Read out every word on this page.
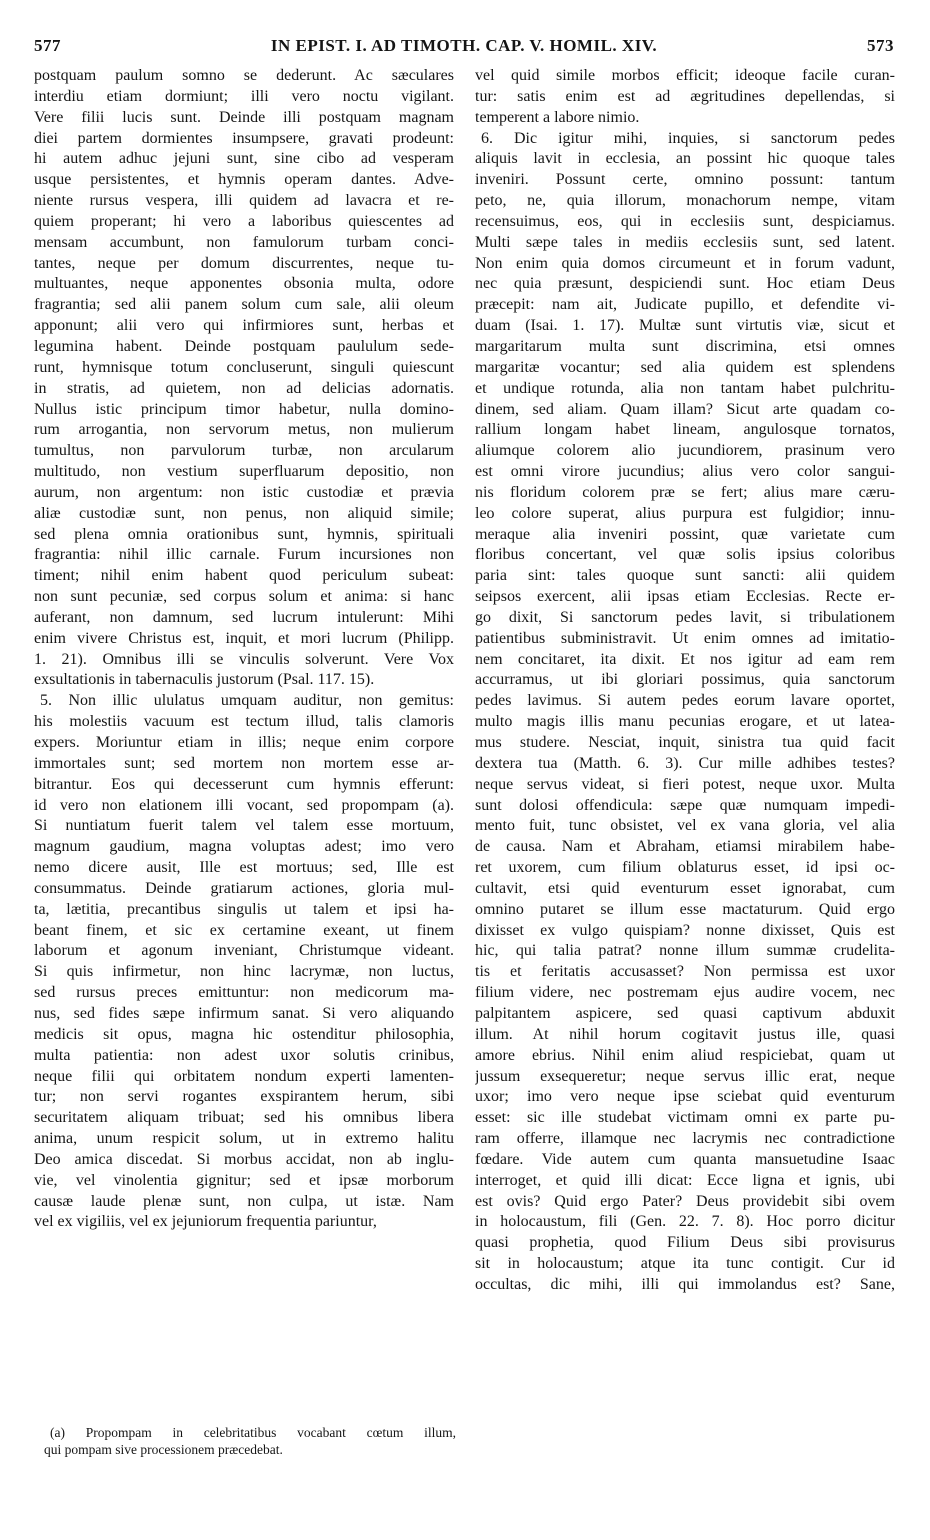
577	IN EPIST. I. AD TIMOTH. CAP. V. HOMIL. XIV.	573
postquam paulum somno se dederunt. Ac sæculares
interdiu etiam dormiunt; illi vero noctu vigilant.
Vere filii lucis sunt. Deinde illi postquam magnam
diei partem dormientes insumpsere, gravati prodeunt:
hi autem adhuc jejuni sunt, sine cibo ad vesperam
usque persistentes, et hymnis operam dantes. Adve-
niente rursus vespera, illi quidem ad lavacra et re-
quiem properant; hi vero a laboribus quiescentes ad
mensam accumbunt, non famulorum turbam conci-
tantes, neque per domum discurrentes, neque tu-
multuantes, neque apponentes obsonia multa, odore
fragrantia; sed alii panem solum cum sale, alii oleum
apponunt; alii vero qui infirmiores sunt, herbas et
legumina habent. Deinde postquam paululum sede-
runt, hymnisque totum concluserunt, singuli quiescunt
in stratis, ad quietem, non ad delicias adornatis.
Nullus istic principum timor habetur, nulla domino-
rum arrogantia, non servorum metus, non mulierum
tumultus, non parvulorum turbæ, non arcularum
multitudo, non vestium superfluarum depositio, non
aurum, non argentum: non istic custodiæ et prævia
aliæ custodiæ sunt, non penus, non aliquid simile;
sed plena omnia orationibus sunt, hymnis, spirituali
fragrantia: nihil illic carnale. Furum incursiones non
timent; nihil enim habent quod periculum subeat:
non sunt pecuniæ, sed corpus solum et anima: si hanc
auferant, non damnum, sed lucrum intulerunt: Mihi
enim vivere Christus est, inquit, et mori lucrum (Philipp.
1. 21). Omnibus illi se vinculis solverunt. Vere Vox
exsultationis in tabernaculis justorum (Psal. 117. 15).
5. Non illic ululatus umquam auditur, non gemitus:
his molestiis vacuum est tectum illud, talis clamoris
expers. Moriuntur etiam in illis; neque enim corpore
immortales sunt; sed mortem non mortem esse ar-
bitrantur. Eos qui decesserunt cum hymnis efferunt:
id vero non elationem illi vocant, sed propompam (a).
Si nuntiatum fuerit talem vel talem esse mortuum,
magnum gaudium, magna voluptas adest; imo vero
nemo dicere ausit, Ille est mortuus; sed, Ille est
consummatus. Deinde gratiarum actiones, gloria mul-
ta, lætitia, precantibus singulis ut talem et ipsi ha-
beant finem, et sic ex certamine exeant, ut finem
laborum et agonum inveniant, Christumque videant.
Si quis infirmetur, non hinc lacrymæ, non luctus,
sed rursus preces emittuntur: non medicorum ma-
nus, sed fides sæpe infirmum sanat. Si vero aliquando
medicis sit opus, magna hic ostenditur philosophia,
multa patientia: non adest uxor solutis crinibus,
neque filii qui orbitatem nondum experti lamenten-
tur; non servi rogantes exspirantem herum, sibi
securitatem aliquam tribuat; sed his omnibus libera
anima, unum respicit solum, ut in extremo halitu
Deo amica discedat. Si morbus accidat, non ab inglu-
vie, vel vinolentia gignitur; sed et ipsæ morborum
causæ laude plenæ sunt, non culpa, ut istæ. Nam
vel ex vigiliis, vel ex jejuniorum frequentia pariuntur,
vel quid simile morbos efficit; ideoque facile curan-
tur: satis enim est ad ægritudines depellendas, si
temperent a labore nimio.
6. Dic igitur mihi, inquies, si sanctorum pedes
aliquis lavit in ecclesia, an possint hic quoque tales
inveniri. Possunt certe, omnino possunt: tantum
peto, ne, quia illorum, monachorum nempe, vitam
recensuimus, eos, qui in ecclesiis sunt, despiciamus.
Multi sæpe tales in mediis ecclesiis sunt, sed latent.
Non enim quia domos circumeunt et in forum vadunt,
nec quia præsunt, despiciendi sunt. Hoc etiam Deus
præcepit: nam ait, Judicate pupillo, et defendite vi-
duam (Isai. 1. 17). Multæ sunt virtutis viæ, sicut et
margaritarum multa sunt discrimina, etsi omnes
margaritæ vocantur; sed alia quidem est splendens
et undique rotunda, alia non tantam habet pulchritu-
dinem, sed aliam. Quam illam? Sicut arte quadam co-
rallium longam habet lineam, angulosque tornatos,
aliumque colorem alio jucundiorem, prasinum vero
est omni virore jucundius; alius vero color sangui-
nis floridum colorem præ se fert; alius mare cæru-
leo colore superat, alius purpura est fulgidior; innu-
meraque alia inveniri possint, quæ varietate cum
floribus concertant, vel quæ solis ipsius coloribus
paria sint: tales quoque sunt sancti: alii quidem
seipsos exercent, alii ipsas etiam Ecclesias. Recte er-
go dixit, Si sanctorum pedes lavit, si tribulationem
patientibus subministravit. Ut enim omnes ad imitatio-
nem concitaret, ita dixit. Et nos igitur ad eam rem
accurramus, ut ibi gloriari possimus, quia sanctorum
pedes lavimus. Si autem pedes eorum lavare oportet,
multo magis illis manu pecunias erogare, et ut latea-
mus studere. Nesciat, inquit, sinistra tua quid facit
dextera tua (Matth. 6. 3). Cur mille adhibes testes?
neque servus videat, si fieri potest, neque uxor. Multa
sunt dolosi offendicula: sæpe quæ numquam impedi-
mento fuit, tunc obsistet, vel ex vana gloria, vel alia
de causa. Nam et Abraham, etiamsi mirabilem habe-
ret uxorem, cum filium oblaturus esset, id ipsi oc-
cultavit, etsi quid eventurum esset ignorabat, cum
omnino putaret se illum esse mactaturum. Quid ergo
dixisset ex vulgo quispiam? nonne dixisset, Quis est
hic, qui talia patrat? nonne illum summæ crudelita-
tis et feritatis accusasset? Non permissa est uxor
filium videre, nec postremam ejus audire vocem, nec
palpitantem aspicere, sed quasi captivum abduxit
illum. At nihil horum cogitavit justus ille, quasi
amore ebrius. Nihil enim aliud respiciebat, quam ut
jussum exsequeretur; neque servus illic erat, neque
uxor; imo vero neque ipse sciebat quid eventurum
esset: sic ille studebat victimam omni ex parte pu-
ram offerre, illamque nec lacrymis nec contradictione
fœdare. Vide autem cum quanta mansuetudine Isaac
interroget, et quid illi dicat: Ecce ligna et ignis, ubi
est ovis? Quid ergo Pater? Deus providebit sibi ovem
in holocaustum, fili (Gen. 22. 7. 8). Hoc porro dicitur
quasi prophetia, quod Filium Deus sibi provisurus
sit in holocaustum; atque ita tunc contigit. Cur id
occultas, dic mihi, illi qui immolandus est? Sane,
(a) Propompam in celebritatibus vocabant cœtum illum,
qui pompam sive processionem præcedebat.
